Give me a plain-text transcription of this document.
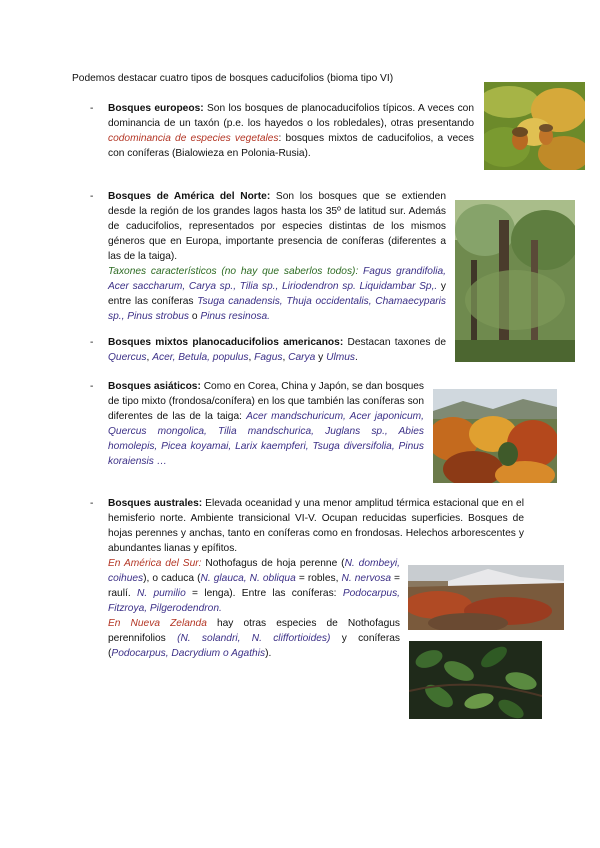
Podemos destacar cuatro tipos de bosques caducifolios (bioma tipo VI)
- Bosques europeos: Son los bosques de planocaducifolios típicos. A veces con dominancia de un taxón (p.e. los hayedos o los robledales), otras presentando codominancia de especies vegetales: bosques mixtos de caducifolios, a veces con coníferas (Bialowieza en Polonia-Rusia).

- Bosques de América del Norte: Son los bosques que se extienden desde la región de los grandes lagos hasta los 35º de latitud sur. Además de caducifolios, representados por especies distintas de los mismos géneros que en Europa, importante presencia de coníferas (diferentes a las de la taiga).

Taxones característicos (no hay que saberlos todos): Fagus grandifolia, Acer saccharum, Carya sp., Tilia sp., Liriodendron sp. Liquidambar Sp,. y entre las coníferas Tsuga canadensis, Thuja occidentalis, Chamaecyparis sp., Pinus strobus o Pinus resinosa.

- Bosques mixtos planocaducifolios americanos: Destacan taxones de Quercus, Acer, Betula, populus, Fagus, Carya y Ulmus.

- Bosques asiáticos: Como en Corea, China y Japón, se dan bosques de tipo mixto (frondosa/conífera) en los que también las coníferas son diferentes de las de la taiga: Acer mandschuricum, Acer japonicum, Quercus mongolica, Tilia mandschurica, Juglans sp., Abies homolepis, Picea koyamai, Larix kaempferi, Tsuga diversifolia, Pinus koraiensis …

- Bosques australes: Elevada oceanidad y una menor amplitud térmica estacional que en el hemisferio norte. Ambiente transicional VI-V. Ocupan reducidas superficies. Bosques de hojas perennes y anchas, tanto en coníferas como en frondosas. Helechos arborescentes y abundantes lianas y epífitos.

En América del Sur: Nothofagus de hoja perenne (N. dombeyi, coihues), o caduca (N. glauca, N. obliqua = robles, N. nervosa = raulí. N. pumilio = lenga). Entre las coníferas: Podocarpus, Fitzroya, Pilgerodendron.

En Nueva Zelanda hay otras especies de Nothofagus perennifolios (N. solandri, N. cliffortioides) y coníferas (Podocarpus, Dacrydium o Agathis).
